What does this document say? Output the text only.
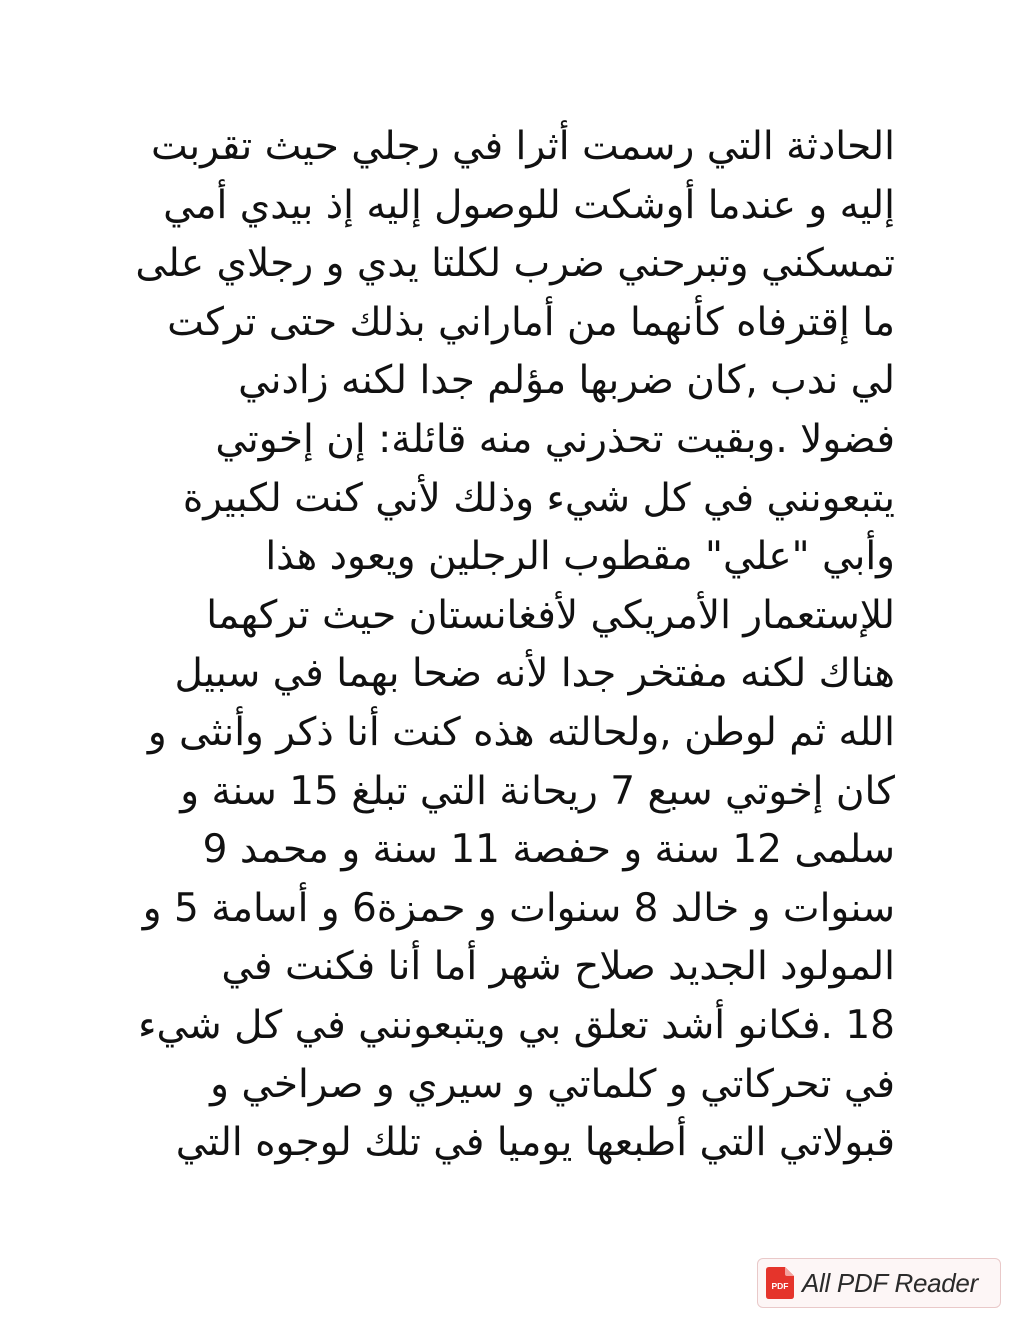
الحادثة التي رسمت أثرا في رجلي حيث تقربت
إليه و عندما أوشكت للوصول إليه إذ بيدي أمي
تمسكني وتبرحني ضرب لكلتا يدي و رجلاي على
ما إقترفاه كأنهما من أماراني بذلك حتى تركت
لي ندب ,كان ضربها مؤلم جدا لكنه زادني
فضولا .وبقيت تحذرني منه قائلة: إن إخوتي
يتبعونني في كل شيء وذلك لأني كنت لكبيرة
وأبي "علي" مقطوب الرجلين ويعود هذا
للإستعمار الأمريكي لأفغانستان حيث تركهما
هناك لكنه مفتخر جدا لأنه ضحا بهما في سبيل
الله ثم لوطن ,ولحالته هذه كنت أنا ذكر وأنثى و
كان إخوتي سبع 7 ريحانة التي تبلغ 15 سنة و
سلمى 12 سنة و حفصة 11 سنة و محمد 9
سنوات و خالد 8 سنوات و حمزة6 و أسامة 5 و
المولود الجديد صلاح شهر أما أنا فكنت في
18 .فكانو أشد تعلق بي ويتبعونني في كل شيء
في تحركاتي و كلماتي و سيري و صراخي و
قبولاتي التي أطبعها يوميا في تلك لوجوه التي
PDF All PDF Reader
